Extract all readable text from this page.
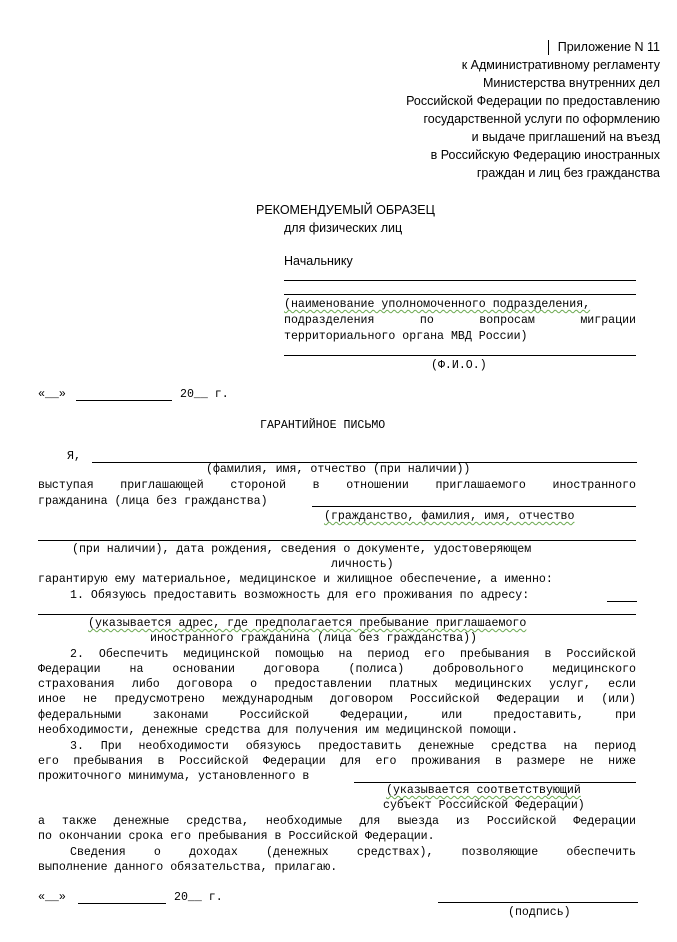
Приложение N 11
к Административному регламенту
Министерства внутренних дел
Российской Федерации по предоставлению
государственной услуги по оформлению
и выдаче приглашений на въезд
в Российскую Федерацию иностранных
граждан и лиц без гражданства
РЕКОМЕНДУЕМЫЙ ОБРАЗЕЦ
для физических лиц
Начальнику
(наименование уполномоченного подразделения,
подразделения по вопросам миграции
территориального органа МВД России)
(Ф.И.О.)
«__»	20__ г.
ГАРАНТИЙНОЕ ПИСЬМО
Я,
(фамилия, имя, отчество (при наличии))
выступая приглашающей стороной в отношении приглашаемого иностранного
гражданина (лица без гражданства)
(гражданство, фамилия, имя, отчество
(при наличии), дата рождения, сведения о документе, удостоверяющем
личность)
гарантирую ему материальное, медицинское и жилищное обеспечение, а именно:
1. Обязуюсь предоставить возможность для его проживания по адресу:
(указывается адрес, где предполагается пребывание приглашаемого
иностранного гражданина (лица без гражданства))
2. Обеспечить медицинской помощью на период его пребывания в Российской
Федерации на основании договора (полиса) добровольного медицинского
страхования либо договора о предоставлении платных медицинских услуг, если
иное не предусмотрено международным договором Российской Федерации и (или)
федеральными законами Российской Федерации, или предоставить, при
необходимости, денежные средства для получения им медицинской помощи.
3. При необходимости обязуюсь предоставить денежные средства на период
его пребывания в Российской Федерации для его проживания в размере не ниже
прожиточного минимума, установленного в
(указывается соответствующий
субъект Российской Федерации)
а также денежные средства, необходимые для выезда из Российской Федерации
по окончании срока его пребывания в Российской Федерации.
Сведения о доходах (денежных средствах), позволяющие обеспечить
выполнение данного обязательства, прилагаю.
«__»	20__ г.
(подпись)
